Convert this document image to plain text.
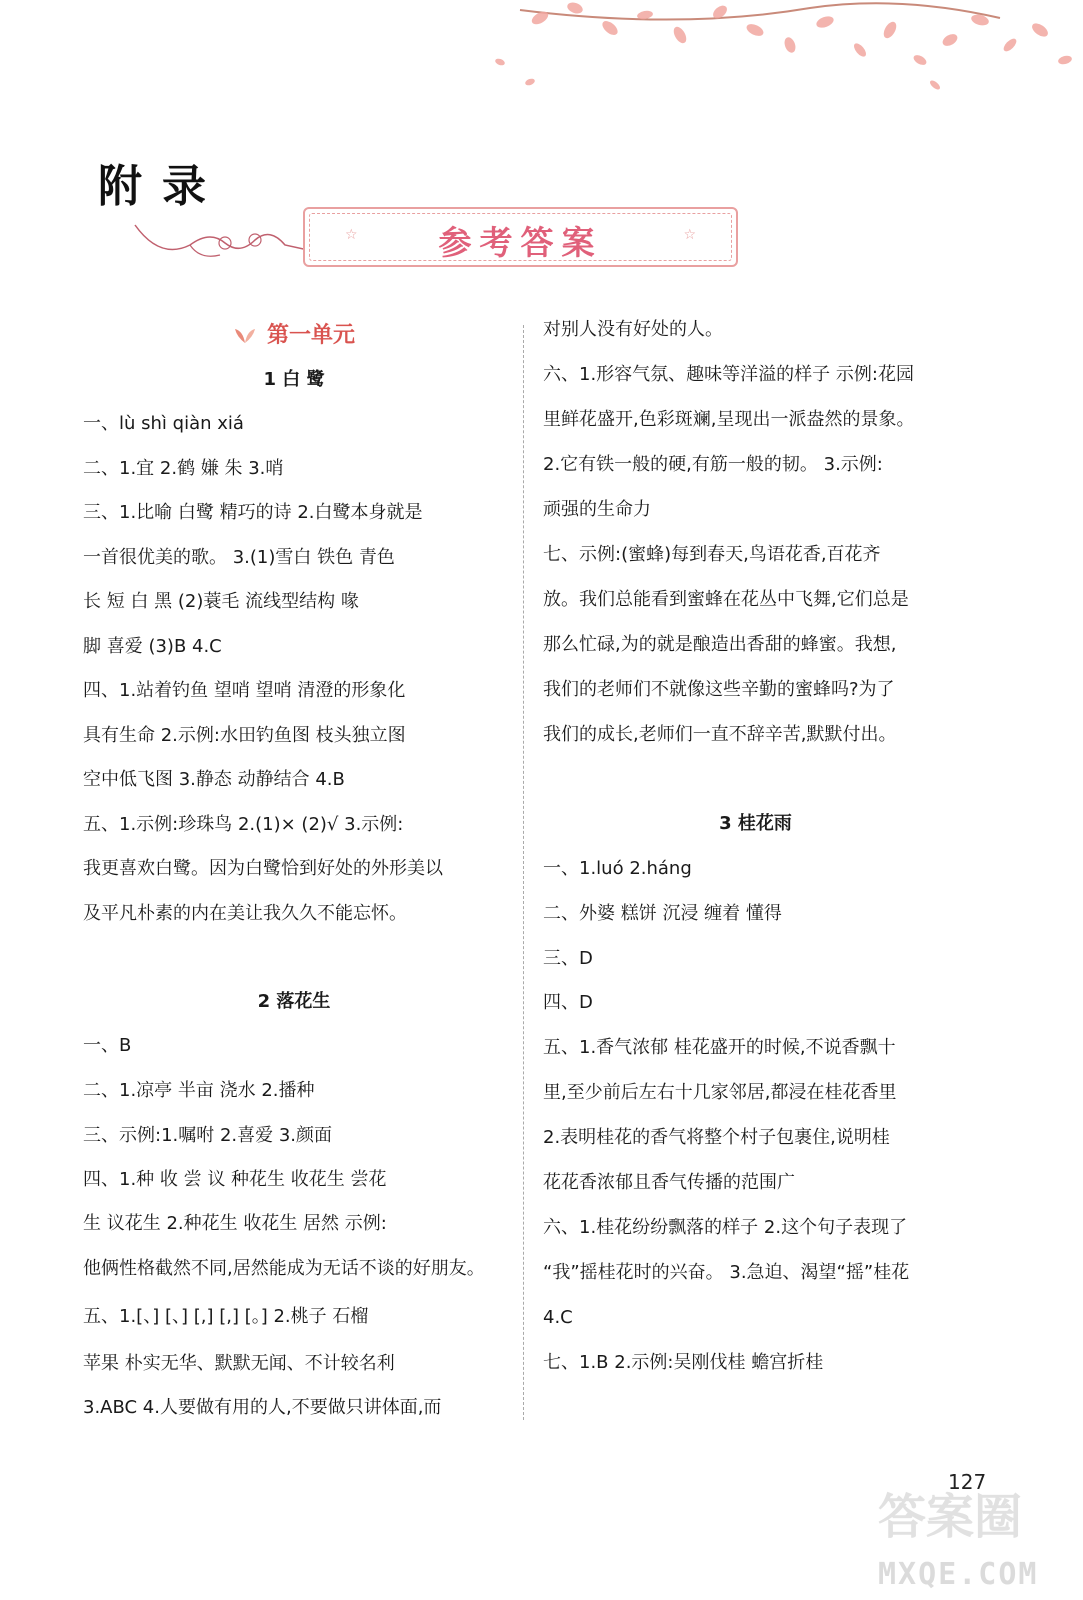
附录
☆	☆
参考答案
第一单元
1 白 鹭
一、lù shì qiàn xiá
二、1.宜 2.鹤 嫌 朱 3.哨
三、1.比喻 白鹭 精巧的诗 2.白鹭本身就是
一首很优美的歌。 3.(1)雪白 铁色 青色
长 短 白 黑 (2)蓑毛 流线型结构 喙
脚 喜爱 (3)B 4.C
四、1.站着钓鱼 望哨 望哨 清澄的形象化
具有生命 2.示例:水田钓鱼图 枝头独立图
空中低飞图 3.静态 动静结合 4.B
五、1.示例:珍珠鸟 2.(1)× (2)√ 3.示例:
我更喜欢白鹭。因为白鹭恰到好处的外形美以
及平凡朴素的内在美让我久久不能忘怀。
2 落花生
一、B
二、1.凉亭 半亩 浇水 2.播种
三、示例:1.嘱咐 2.喜爱 3.颜面
四、1.种 收 尝 议 种花生 收花生 尝花
生 议花生 2.种花生 收花生 居然 示例:
他俩性格截然不同,居然能成为无话不谈的好朋友。
五、1.[、] [、] [,] [,] [。] 2.桃子 石榴
苹果 朴实无华、默默无闻、不计较名利
3.ABC 4.人要做有用的人,不要做只讲体面,而
对别人没有好处的人。
六、1.形容气氛、趣味等洋溢的样子 示例:花园
里鲜花盛开,色彩斑斓,呈现出一派盎然的景象。
2.它有铁一般的硬,有筋一般的韧。 3.示例:
顽强的生命力
七、示例:(蜜蜂)每到春天,鸟语花香,百花齐
放。我们总能看到蜜蜂在花丛中飞舞,它们总是
那么忙碌,为的就是酿造出香甜的蜂蜜。我想,
我们的老师们不就像这些辛勤的蜜蜂吗?为了
我们的成长,老师们一直不辞辛苦,默默付出。
3 桂花雨
一、1.luó 2.háng
二、外婆 糕饼 沉浸 缠着 懂得
三、D
四、D
五、1.香气浓郁 桂花盛开的时候,不说香飘十
里,至少前后左右十几家邻居,都浸在桂花香里
2.表明桂花的香气将整个村子包裹住,说明桂
花花香浓郁且香气传播的范围广
六、1.桂花纷纷飘落的样子 2.这个句子表现了
“我”摇桂花时的兴奋。 3.急迫、渴望“摇”桂花
4.C
七、1.B 2.示例:吴刚伐桂 蟾宫折桂
答案圈
MXQE.COM
127
